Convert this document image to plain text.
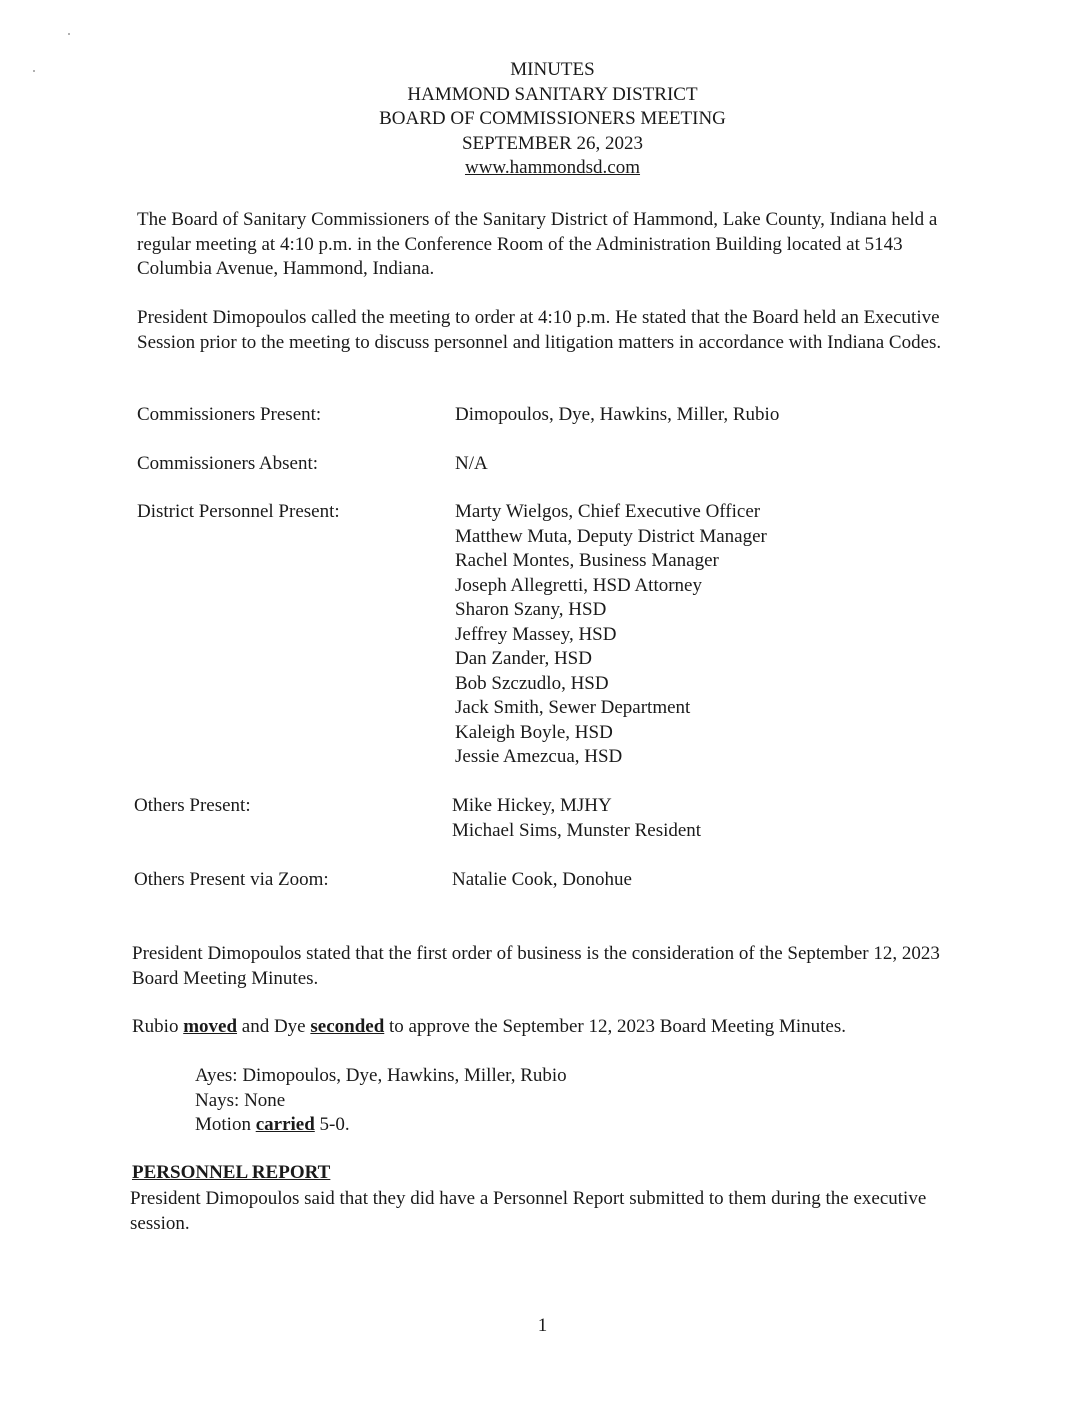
MINUTES
HAMMOND SANITARY DISTRICT
BOARD OF COMMISSIONERS MEETING
SEPTEMBER 26, 2023
www.hammondsd.com

The Board of Sanitary Commissioners of the Sanitary District of Hammond, Lake County, Indiana held a regular meeting at 4:10 p.m. in the Conference Room of the Administration Building located at 5143 Columbia Avenue, Hammond, Indiana.

President Dimopoulos called the meeting to order at 4:10 p.m. He stated that the Board held an Executive Session prior to the meeting to discuss personnel and litigation matters in accordance with Indiana Codes.

Commissioners Present:	Dimopoulos, Dye, Hawkins, Miller, Rubio
Commissioners Absent:	N/A
District Personnel Present:	Marty Wielgos, Chief Executive Officer
Matthew Muta, Deputy District Manager
Rachel Montes, Business Manager
Joseph Allegretti, HSD Attorney
Sharon Szany, HSD
Jeffrey Massey, HSD
Dan Zander, HSD
Bob Szczudlo, HSD
Jack Smith, Sewer Department
Kaleigh Boyle, HSD
Jessie Amezcua, HSD
Others Present:	Mike Hickey, MJHY
Michael Sims, Munster Resident
Others Present via Zoom:	Natalie Cook, Donohue

President Dimopoulos stated that the first order of business is the consideration of the September 12, 2023 Board Meeting Minutes.

Rubio moved and Dye seconded to approve the September 12, 2023 Board Meeting Minutes.

Ayes: Dimopoulos, Dye, Hawkins, Miller, Rubio
Nays: None
Motion carried 5-0.
PERSONNEL REPORT

President Dimopoulos said that they did have a Personnel Report submitted to them during the executive session.

1
